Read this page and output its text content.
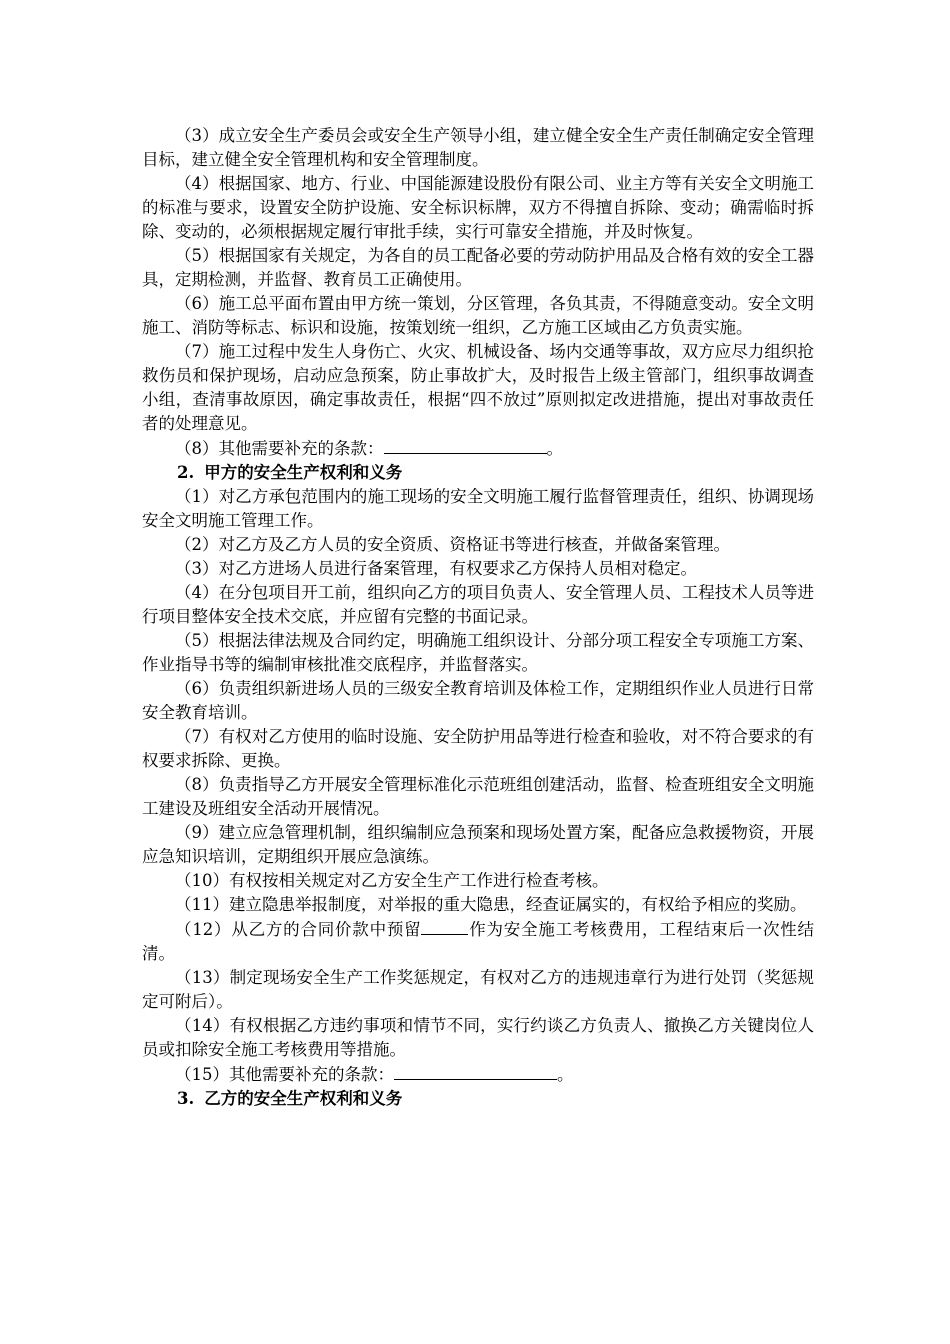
（3）成立安全生产委员会或安全生产领导小组，建立健全安全生产责任制确定安全管理目标，建立健全安全管理机构和安全管理制度。

（4）根据国家、地方、行业、中国能源建设股份有限公司、业主方等有关安全文明施工的标准与要求，设置安全防护设施、安全标识标牌，双方不得擅自拆除、变动；确需临时拆除、变动的，必须根据规定履行审批手续，实行可靠安全措施，并及时恢复。

（5）根据国家有关规定，为各自的员工配备必要的劳动防护用品及合格有效的安全工器具，定期检测，并监督、教育员工正确使用。

（6）施工总平面布置由甲方统一策划，分区管理，各负其责，不得随意变动。安全文明施工、消防等标志、标识和设施，按策划统一组织，乙方施工区域由乙方负责实施。

（7）施工过程中发生人身伤亡、火灾、机械设备、场内交通等事故，双方应尽力组织抢救伤员和保护现场，启动应急预案，防止事故扩大，及时报告上级主管部门，组织事故调查小组，查清事故原因，确定事故责任，根据“四不放过”原则拟定改进措施，提出对事故责任者的处理意见。

（8）其他需要补充的条款：	。

2. 甲方的安全生产权利和义务

（1）对乙方承包范围内的施工现场的安全文明施工履行监督管理责任，组织、协调现场安全文明施工管理工作。

（2）对乙方及乙方人员的安全资质、资格证书等进行核查，并做备案管理。

（3）对乙方进场人员进行备案管理，有权要求乙方保持人员相对稳定。

（4）在分包项目开工前，组织向乙方的项目负责人、安全管理人员、工程技术人员等进行项目整体安全技术交底，并应留有完整的书面记录。

（5）根据法律法规及合同约定，明确施工组织设计、分部分项工程安全专项施工方案、作业指导书等的编制审核批准交底程序，并监督落实。

（6）负责组织新进场人员的三级安全教育培训及体检工作，定期组织作业人员进行日常安全教育培训。

（7）有权对乙方使用的临时设施、安全防护用品等进行检查和验收，对不符合要求的有权要求拆除、更换。

（8）负责指导乙方开展安全管理标准化示范班组创建活动，监督、检查班组安全文明施工建设及班组安全活动开展情况。

（9）建立应急管理机制，组织编制应急预案和现场处置方案，配备应急救援物资，开展应急知识培训，定期组织开展应急演练。

（10）有权按相关规定对乙方安全生产工作进行检查考核。

（11）建立隐患举报制度，对举报的重大隐患，经查证属实的，有权给予相应的奖励。

（12）从乙方的合同价款中预留	作为安全施工考核费用，工程结束后一次性结清。

（13）制定现场安全生产工作奖惩规定，有权对乙方的违规违章行为进行处罚（奖惩规定可附后）。

（14）有权根据乙方违约事项和情节不同，实行约谈乙方负责人、撤换乙方关键岗位人员或扣除安全施工考核费用等措施。

（15）其他需要补充的条款：	。

3. 乙方的安全生产权利和义务
